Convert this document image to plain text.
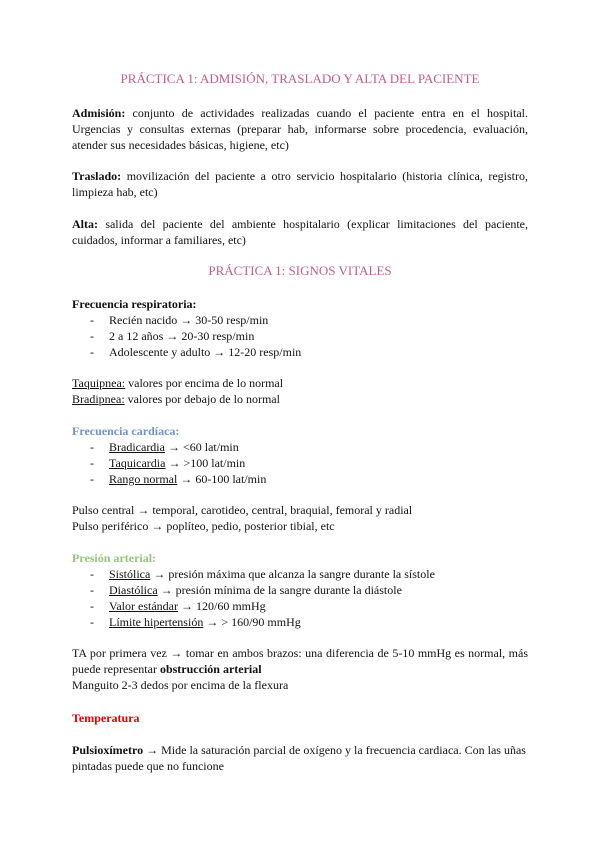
PRÁCTICA 1: ADMISIÓN, TRASLADO Y ALTA DEL PACIENTE

Admisión: conjunto de actividades realizadas cuando el paciente entra en el hospital. Urgencias y consultas externas (preparar hab, informarse sobre procedencia, evaluación, atender sus necesidades básicas, higiene, etc)

Traslado: movilización del paciente a otro servicio hospitalario (historia clínica, registro, limpieza hab, etc)

Alta: salida del paciente del ambiente hospitalario (explicar limitaciones del paciente, cuidados, informar a familiares, etc)

PRÁCTICA 1: SIGNOS VITALES
Frecuencia respiratoria:
- Recién nacido → 30-50 resp/min
- 2 a 12 años → 20-30 resp/min
- Adolescente y adulto → 12-20 resp/min
Taquipnea: valores por encima de lo normal
Bradipnea: valores por debajo de lo normal
Frecuencia cardíaca:
- Bradicardia → <60 lat/min
- Taquicardia → >100 lat/min
- Rango normal → 60-100 lat/min
Pulso central → temporal, carotideo, central, braquial, femoral y radial
Pulso periférico → poplíteo, pedio, posterior tibial, etc
Presión arterial:
- Sistólica → presión máxima que alcanza la sangre durante la sístole
- Diastólica → presión mínima de la sangre durante la diástole
- Valor estándar → 120/60 mmHg
- Límite hipertensión → > 160/90 mmHg

TA por primera vez → tomar en ambos brazos: una diferencia de 5-10 mmHg es normal, más puede representar obstrucción arterial

Manguito 2-3 dedos por encima de la flexura
Temperatura

Pulsioxímetro → Mide la saturación parcial de oxígeno y la frecuencia cardiaca. Con las uñas pintadas puede que no funcione
